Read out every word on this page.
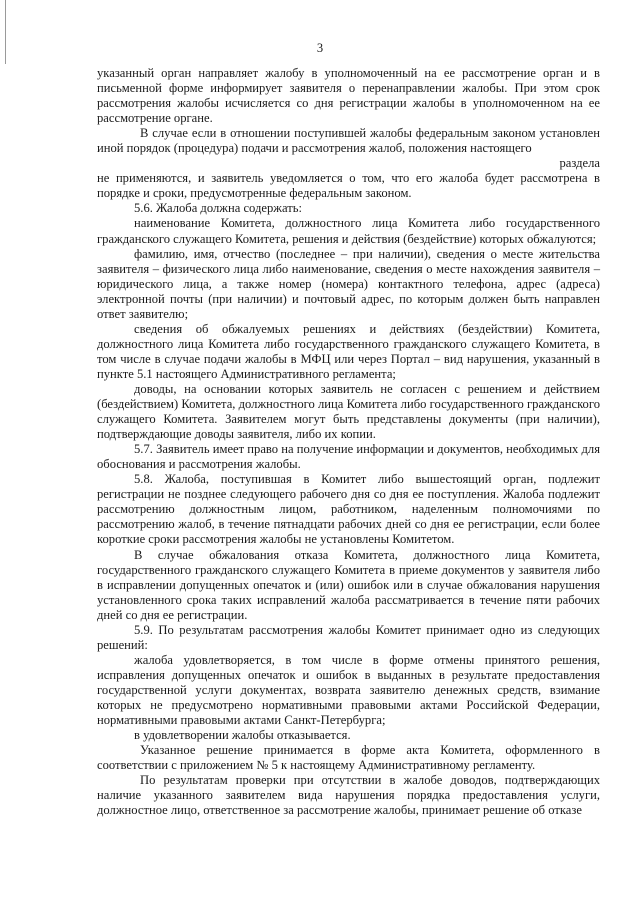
3

указанный орган направляет жалобу в уполномоченный на ее рассмотрение орган и в письменной форме информирует заявителя о перенаправлении жалобы. При этом срок рассмотрения жалобы исчисляется со дня регистрации жалобы в уполномоченном на ее рассмотрение органе.

В случае если в отношении поступившей жалобы федеральным законом установлен иной порядок (процедура) подачи и рассмотрения жалоб, положения настоящего

раздела

не применяются, и заявитель уведомляется о том, что его жалоба будет рассмотрена в порядке и сроки, предусмотренные федеральным законом.

5.6. Жалоба должна содержать:

наименование Комитета, должностного лица Комитета либо государственного гражданского служащего Комитета, решения и действия (бездействие) которых обжалуются;

фамилию, имя, отчество (последнее – при наличии), сведения о месте жительства заявителя – физического лица либо наименование, сведения о месте нахождения заявителя – юридического лица, а также номер (номера) контактного телефона, адрес (адреса) электронной почты (при наличии) и почтовый адрес, по которым должен быть направлен ответ заявителю;

сведения об обжалуемых решениях и действиях (бездействии) Комитета, должностного лица Комитета либо государственного гражданского служащего Комитета, в том числе в случае подачи жалобы в МФЦ или через Портал – вид нарушения, указанный в пункте 5.1 настоящего Административного регламента;

доводы, на основании которых заявитель не согласен с решением и действием (бездействием) Комитета, должностного лица Комитета либо государственного гражданского служащего Комитета. Заявителем могут быть представлены документы (при наличии), подтверждающие доводы заявителя, либо их копии.

5.7. Заявитель имеет право на получение информации и документов, необходимых для обоснования и рассмотрения жалобы.

5.8. Жалоба, поступившая в Комитет либо вышестоящий орган, подлежит регистрации не позднее следующего рабочего дня со дня ее поступления. Жалоба подлежит рассмотрению должностным лицом, работником, наделенным полномочиями по рассмотрению жалоб, в течение пятнадцати рабочих дней со дня ее регистрации, если более короткие сроки рассмотрения жалобы не установлены Комитетом.

В случае обжалования отказа Комитета, должностного лица Комитета, государственного гражданского служащего Комитета в приеме документов у заявителя либо в исправлении допущенных опечаток и (или) ошибок или в случае обжалования нарушения установленного срока таких исправлений жалоба рассматривается в течение пяти рабочих дней со дня ее регистрации.

5.9. По результатам рассмотрения жалобы Комитет принимает одно из следующих решений:

жалоба удовлетворяется, в том числе в форме отмены принятого решения, исправления допущенных опечаток и ошибок в выданных в результате предоставления государственной услуги документах, возврата заявителю денежных средств, взимание которых не предусмотрено нормативными правовыми актами Российской Федерации, нормативными правовыми актами Санкт-Петербурга;

в удовлетворении жалобы отказывается.

Указанное решение принимается в форме акта Комитета, оформленного в соответствии с приложением № 5 к настоящему Административному регламенту.

По результатам проверки при отсутствии в жалобе доводов, подтверждающих наличие указанного заявителем вида нарушения порядка предоставления услуги, должностное лицо, ответственное за рассмотрение жалобы, принимает решение об отказе
